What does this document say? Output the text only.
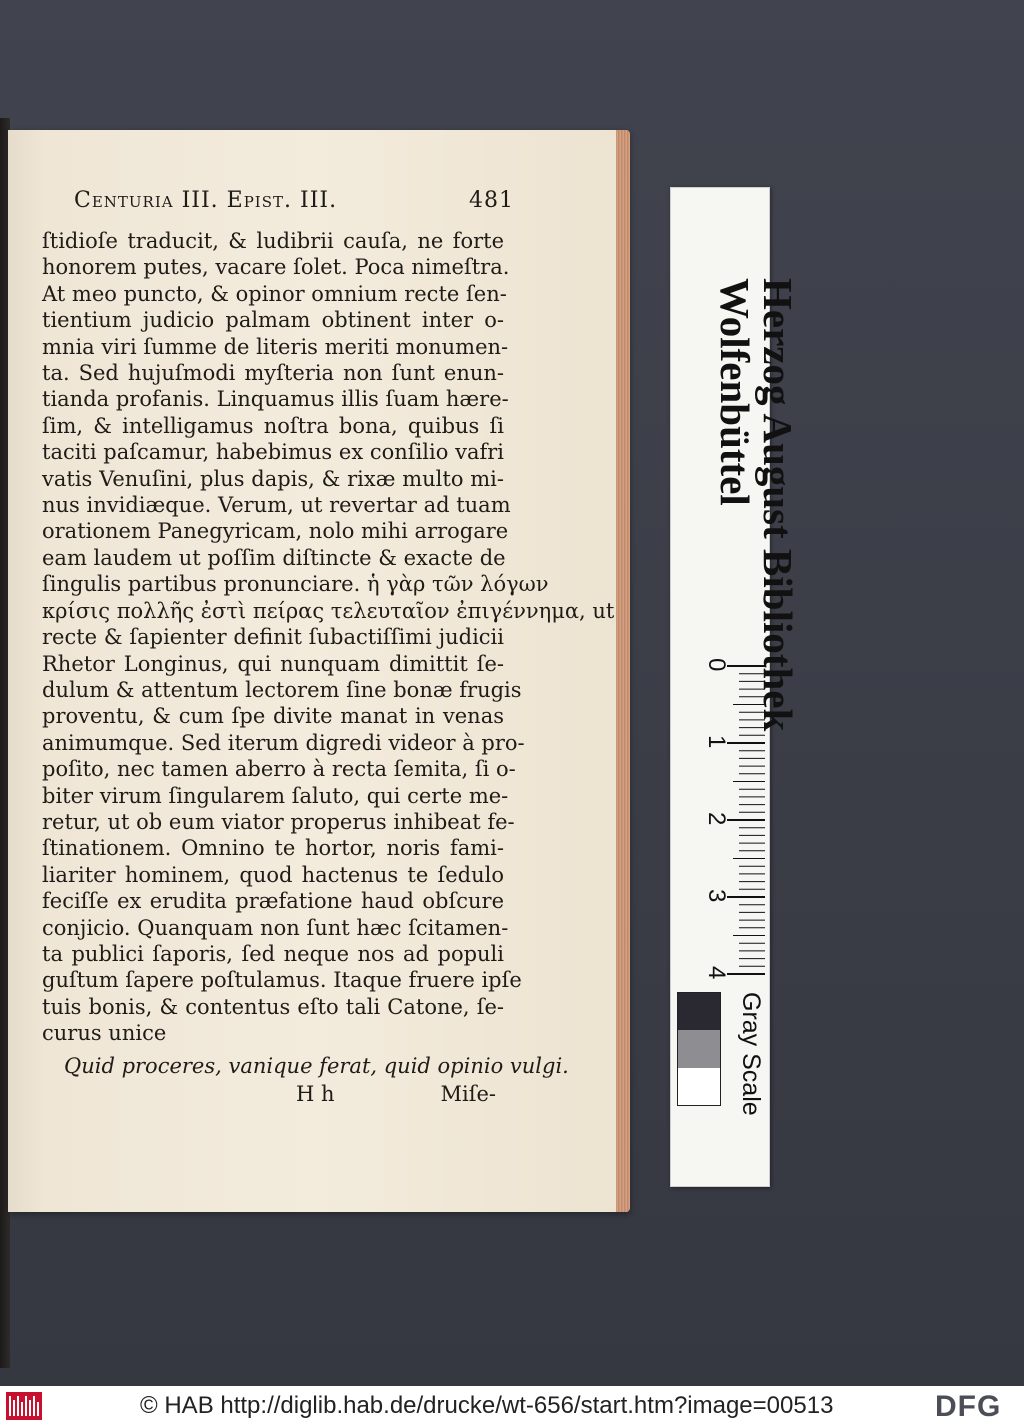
Centuria III. Epist. III.	481
ſtidioſe traducit, & ludibrii cauſa, ne forte
honorem putes, vacare ſolet. Poca nimeſtra.
At meo puncto, & opinor omnium recte ſen-
tientium judicio palmam obtinent inter o-
mnia viri ſumme de literis meriti monumen-
ta. Sed hujuſmodi myſteria non ſunt enun-
tianda profanis. Linquamus illis ſuam hære-
ſim, & intelligamus noſtra bona, quibus ſi
taciti paſcamur, habebimus ex conſilio vafri
vatis Venuſini, plus dapis, & rixæ multo mi-
nus invidiæque. Verum, ut revertar ad tuam
orationem Panegyricam, nolo mihi arrogare
eam laudem ut poſſim diſtincte & exacte de
ſingulis partibus pronunciare. ἡ γὰρ τῶν λόγων
κρίσις πολλῆς ἐστὶ πείρας τελευταῖον ἐπιγέννημα, ut
recte & ſapienter definit ſubactiſſimi judicii
Rhetor Longinus, qui nunquam dimittit ſe-
dulum & attentum lectorem ſine bonæ frugis
proventu, & cum ſpe divite manat in venas
animumque. Sed iterum digredi videor à pro-
poſito, nec tamen aberro à recta ſemita, ſi o-
biter virum ſingularem ſaluto, qui certe me-
retur, ut ob eum viator properus inhibeat fe-
ſtinationem. Omnino te hortor, noris fami-
liariter hominem, quod hactenus te ſedulo
feciſſe ex erudita præfatione haud obſcure
conjicio. Quanquam non ſunt hæc ſcitamen-
ta publici ſaporis, ſed neque nos ad populi
guſtum ſapere poſtulamus. Itaque fruere ipſe
tuis bonis, & contentus eſto tali Catone, ſe-
curus unice
Quid proceres, vanique ferat, quid opinio vulgi.
H h	Miſe-
Herzog August Bibliothek
Wolfenbüttel
0
1
2
3
4
Gray Scale
© HAB http://diglib.hab.de/drucke/wt-656/start.htm?image=00513	DFG
